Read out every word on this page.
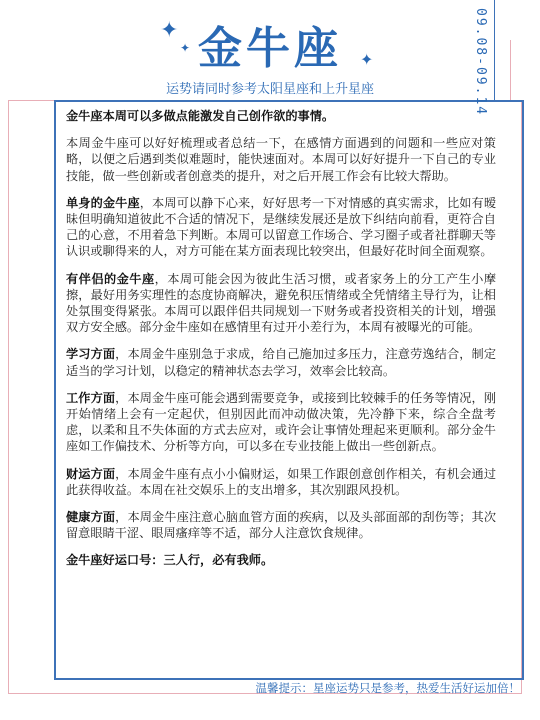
✦
✦
✦
金牛座
运势请同时参考太阳星座和上升星座	09.08-09.14

金牛座本周可以多做点能激发自己创作欲的事情。

本周金牛座可以好好梳理或者总结一下，在感情方面遇到的问题和一些应对策略，以便之后遇到类似难题时，能快速面对。本周可以好好提升一下自己的专业技能，做一些创新或者创意类的提升，对之后开展工作会有比较大帮助。

单身的金牛座，本周可以静下心来，好好思考一下对情感的真实需求，比如有暧昧但明确知道彼此不合适的情况下，是继续发展还是放下纠结向前看，更符合自己的心意，不用着急下判断。本周可以留意工作场合、学习圈子或者社群聊天等认识或聊得来的人，对方可能在某方面表现比较突出，但最好花时间全面观察。

有伴侣的金牛座，本周可能会因为彼此生活习惯，或者家务上的分工产生小摩擦，最好用务实理性的态度协商解决，避免积压情绪或全凭情绪主导行为，让相处氛围变得紧张。本周可以跟伴侣共同规划一下财务或者投资相关的计划，增强双方安全感。部分金牛座如在感情里有过开小差行为，本周有被曝光的可能。

学习方面，本周金牛座别急于求成，给自己施加过多压力，注意劳逸结合，制定适当的学习计划，以稳定的精神状态去学习，效率会比较高。

工作方面，本周金牛座可能会遇到需要竞争，或接到比较棘手的任务等情况，刚开始情绪上会有一定起伏，但别因此而冲动做决策，先冷静下来，综合全盘考虑，以柔和且不失体面的方式去应对，或许会让事情处理起来更顺利。部分金牛座如工作偏技术、分析等方向，可以多在专业技能上做出一些创新点。

财运方面，本周金牛座有点小小偏财运，如果工作跟创意创作相关，有机会通过此获得收益。本周在社交娱乐上的支出增多，其次别跟风投机。

健康方面，本周金牛座注意心脑血管方面的疾病，以及头部面部的刮伤等；其次留意眼睛干涩、眼周瘙痒等不适，部分人注意饮食规律。

金牛座好运口号：三人行，必有我师。

温馨提示：星座运势只是参考，热爱生活好运加倍！
